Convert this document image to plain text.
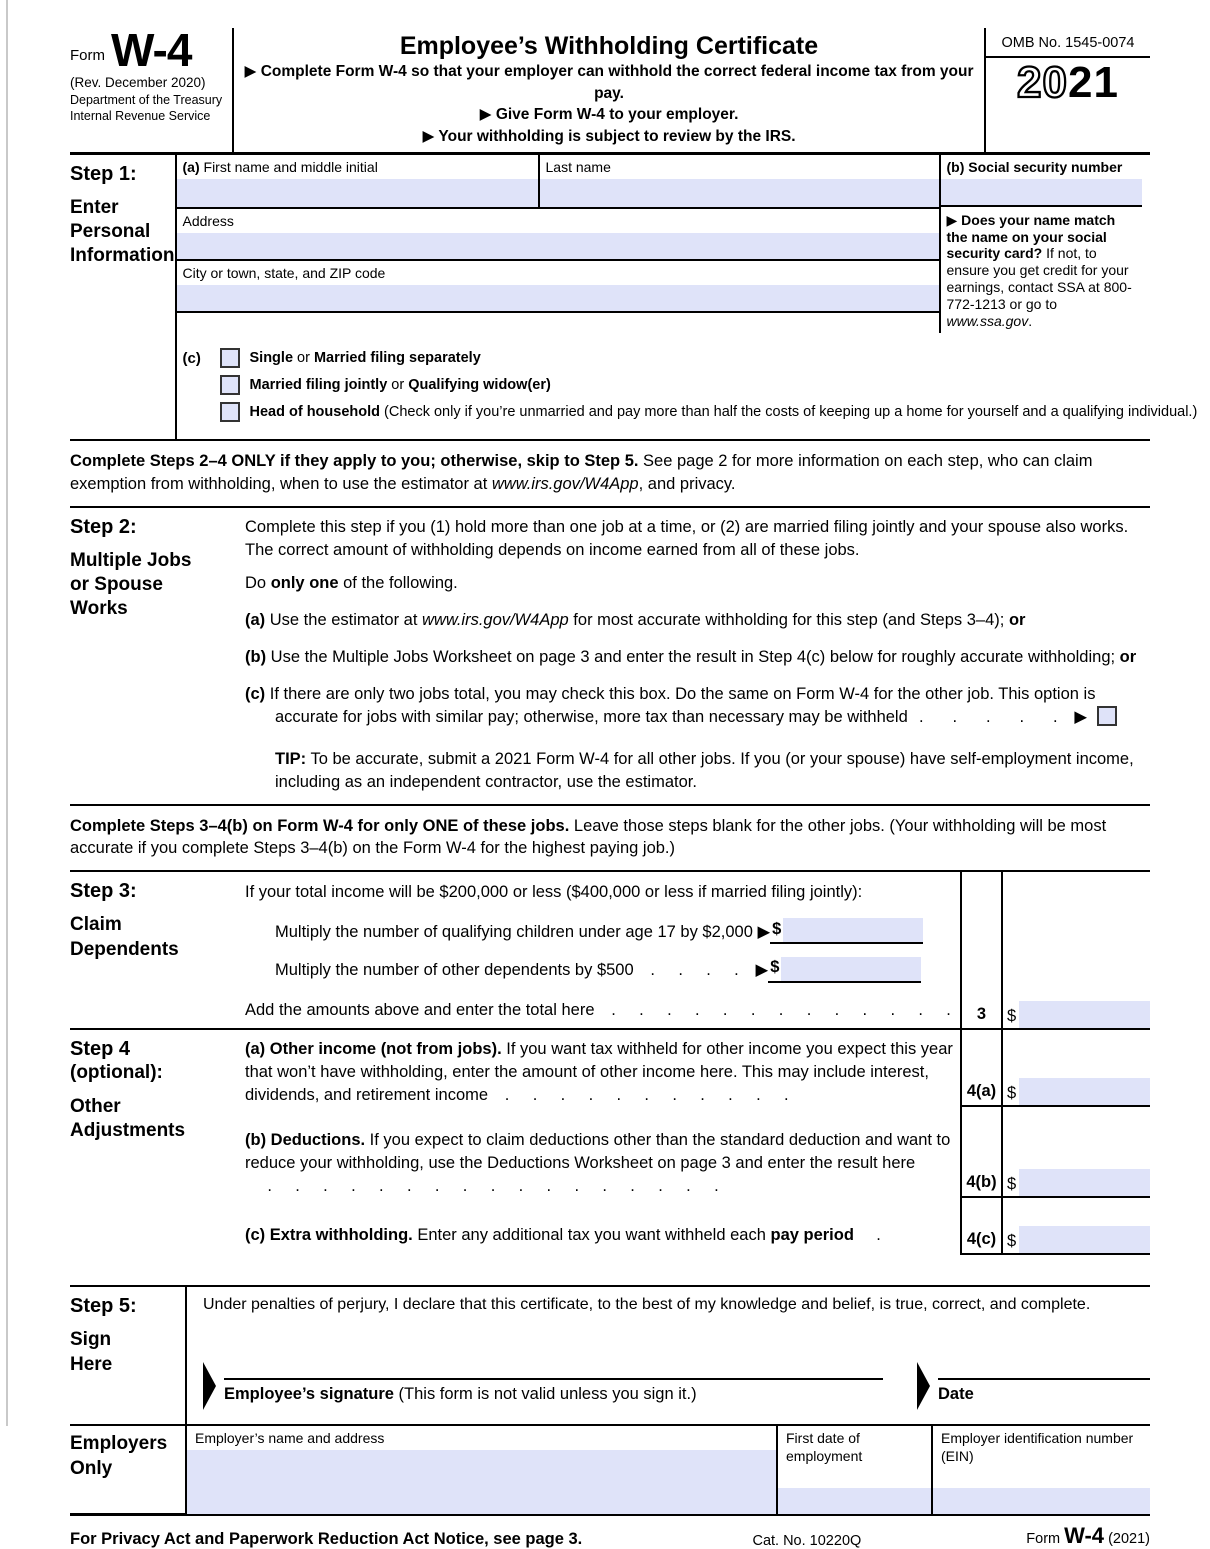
Form W-4
(Rev. December 2020)
Department of the Treasury
Internal Revenue Service
Employee’s Withholding Certificate
▶ Complete Form W-4 so that your employer can withhold the correct federal income tax from your pay.
▶ Give Form W-4 to your employer.
▶ Your withholding is subject to review by the IRS.
OMB No. 1545-0074
2021
Step 1:
Enter
Personal
Information
(a) First name and middle initial	Last name
Address
City or town, state, and ZIP code
(b) Social security number
▶ Does your name match the name on your social security card? If not, to ensure you get credit for your earnings, contact SSA at 800-772-1213 or go to www.ssa.gov.
(c)	Single or Married filing separately
Married filing jointly or Qualifying widow(er)
Head of household (Check only if you’re unmarried and pay more than half the costs of keeping up a home for yourself and a qualifying individual.)
Complete Steps 2–4 ONLY if they apply to you; otherwise, skip to Step 5. See page 2 for more information on each step, who can claim exemption from withholding, when to use the estimator at www.irs.gov/W4App, and privacy.
Step 2:
Multiple Jobs
or Spouse
Works
Complete this step if you (1) hold more than one job at a time, or (2) are married filing jointly and your spouse also works. The correct amount of withholding depends on income earned from all of these jobs.
Do only one of the following.
(a) Use the estimator at www.irs.gov/W4App for most accurate withholding for this step (and Steps 3–4); or
(b) Use the Multiple Jobs Worksheet on page 3 and enter the result in Step 4(c) below for roughly accurate withholding; or
(c) If there are only two jobs total, you may check this box. Do the same on Form W-4 for the other job. This option is accurate for jobs with similar pay; otherwise, more tax than necessary may be withheld  .     .     .     .     .   ▶
TIP: To be accurate, submit a 2021 Form W-4 for all other jobs. If you (or your spouse) have self-employment income, including as an independent contractor, use the estimator.
Complete Steps 3–4(b) on Form W-4 for only ONE of these jobs. Leave those steps blank for the other jobs. (Your withholding will be most accurate if you complete Steps 3–4(b) on the Form W-4 for the highest paying job.)
Step 3:
Claim
Dependents
If your total income will be $200,000 or less ($400,000 or less if married filing jointly):
Multiply the number of qualifying children under age 17 by $2,000 ▶ $
Multiply the number of other dependents by $500   .    .    .    .   ▶ $
Add the amounts above and enter the total here   .    .    .    .    .    .    .    .    .    .    .    .    .	3	$
Step 4
(optional):
Other
Adjustments
(a) Other income (not from jobs). If you want tax withheld for other income you expect this year that won’t have withholding, enter the amount of other income here. This may include interest, dividends, and retirement income   .    .    .    .    .    .    .    .    .    .    .	4(a) $
(b) Deductions. If you expect to claim deductions other than the standard deduction and want to reduce your withholding, use the Deductions Worksheet on page 3 and enter the result here    .    .    .    .    .    .    .    .    .    .    .    .    .    .    .    .    .	4(b) $
(c) Extra withholding. Enter any additional tax you want withheld each pay period    .	4(c) $
Step 5:
Sign
Here
Under penalties of perjury, I declare that this certificate, to the best of my knowledge and belief, is true, correct, and complete.
Employee’s signature (This form is not valid unless you sign it.)	Date
Employers
Only
Employer’s name and address	First date of employment
Employer identification number (EIN)
For Privacy Act and Paperwork Reduction Act Notice, see page 3.	Cat. No. 10220Q	Form W-4 (2021)
